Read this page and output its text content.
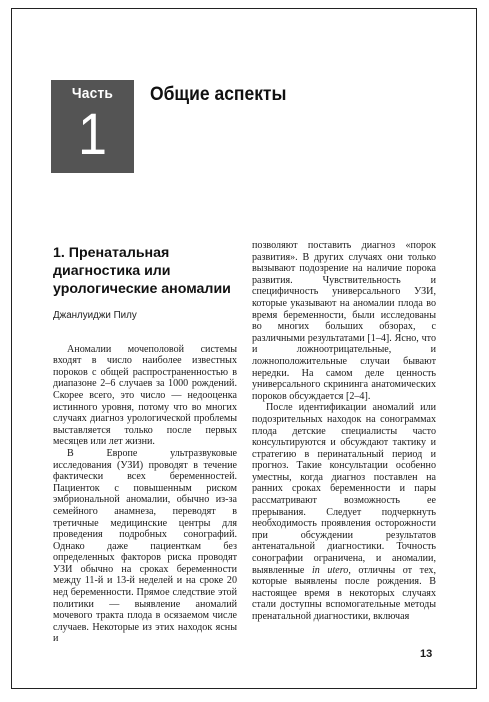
Часть
1
Общие аспекты
1. Пренатальная диагностика или урологические аномалии
Джанлуиджи Пилу

Аномалии мочеполовой системы входят в число наиболее известных пороков с общей распространенностью в диапазоне 2–6 случаев за 1000 рождений. Скорее всего, это число — недооценка истинного уровня, потому что во многих случаях диагноз урологической проблемы выставляется только после первых месяцев или лет жизни.

В Европе ультразвуковые исследования (УЗИ) проводят в течение фактически всех беременностей. Пациенток с повышенным риском эмбриональной аномалии, обычно из-за семейного анамнеза, переводят в третичные медицинские центры для проведения подробных сонографий. Однако даже пациенткам без определенных факторов риска проводят УЗИ обычно на сроках беременности между 11-й и 13-й неделей и на сроке 20 нед беременности. Прямое следствие этой политики — выявление аномалий мочевого тракта плода в осязаемом числе случаев. Некоторые из этих находок ясны и

позволяют поставить диагноз «порок развития». В других случаях они только вызывают подозрение на наличие порока развития. Чувствительность и специфичность универсального УЗИ, которые указывают на аномалии плода во время беременности, были исследованы во многих больших обзорах, с различными результатами [1–4]. Ясно, что и ложноотрицательные, и ложноположительные случаи бывают нередки. На самом деле ценность универсального скрининга анатомических пороков обсуждается [2–4].

После идентификации аномалий или подозрительных находок на сонограммах плода детские специалисты часто консультируются и обсуждают тактику и стратегию в перинатальный период и прогноз. Такие консультации особенно уместны, когда диагноз поставлен на ранних сроках беременности и пары рассматривают возможность ее прерывания. Следует подчеркнуть необходимость проявления осторожности при обсуждении результатов антенатальной диагностики. Точность сонографии ограничена, и аномалии, выявленные in utero, отличны от тех, которые выявлены после рождения. В настоящее время в некоторых случаях стали доступны вспомогательные методы пренатальной диагностики, включая

13
